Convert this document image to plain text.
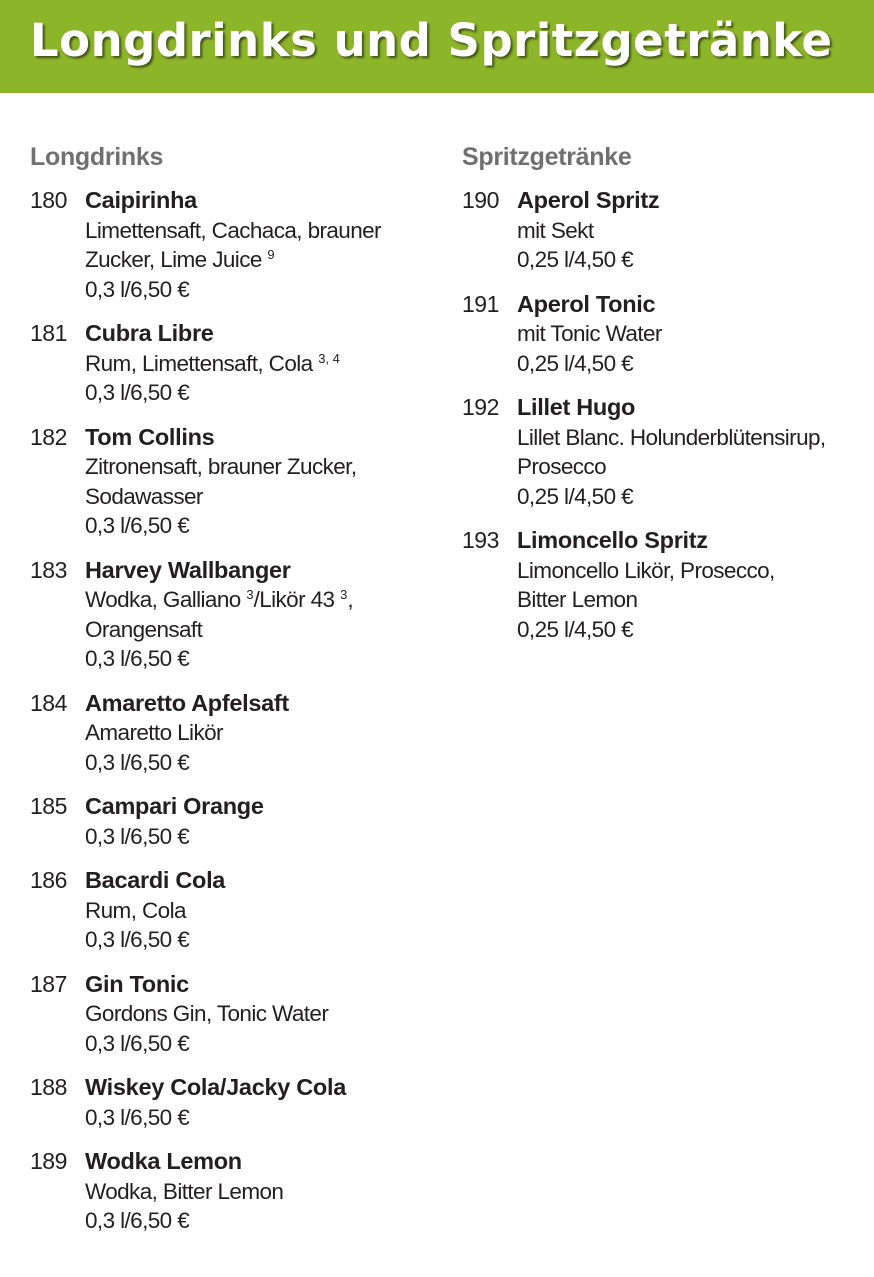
Longdrinks und Spritzgetränke
Longdrinks
180 Caipirinha
Limettensaft, Cachaca, brauner
Zucker, Lime Juice $^9$
0,3 l/6,50 €
181 Cubra Libre
Rum, Limettensaft, Cola $^{3, 4}$
0,3 l/6,50 €
182 Tom Collins
Zitronensaft, brauner Zucker,
Sodawasser
0,3 l/6,50 €
183 Harvey Wallbanger
Wodka, Galliano $^3$/Likör 43 $^3$,
Orangensaft
0,3 l/6,50 €
184 Amaretto Apfelsaft
Amaretto Likör
0,3 l/6,50 €
185 Campari Orange
0,3 l/6,50 €
186 Bacardi Cola
Rum, Cola
0,3 l/6,50 €
187 Gin Tonic
Gordons Gin, Tonic Water
0,3 l/6,50 €
188 Wiskey Cola/Jacky Cola
0,3 l/6,50 €
189 Wodka Lemon
Wodka, Bitter Lemon
0,3 l/6,50 €
Spritzgetränke
190 Aperol Spritz
mit Sekt
0,25 l/4,50 €
191 Aperol Tonic
mit Tonic Water
0,25 l/4,50 €
192 Lillet Hugo
Lillet Blanc. Holunderblütensirup,
Prosecco
0,25 l/4,50 €
193 Limoncello Spritz
Limoncello Likör, Prosecco,
Bitter Lemon
0,25 l/4,50 €
